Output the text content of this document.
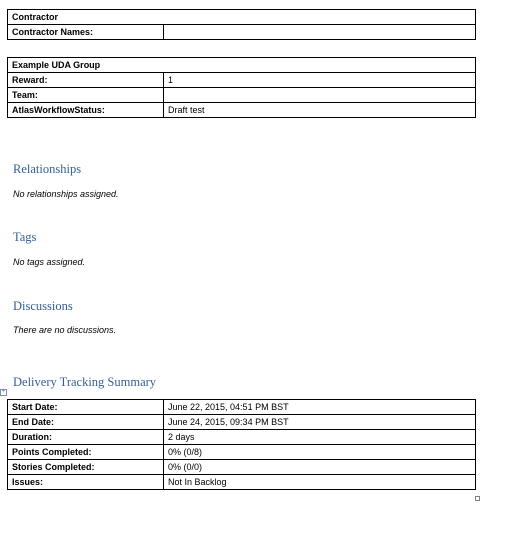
Contractor
Contractor Names:	
Example UDA Group	
Reward:	1
Team:	
AtlasWorkflowStatus:	Draft test
Relationships

No relationships assigned.

Tags

No tags assigned.

Discussions

There are no discussions.

Delivery Tracking Summary
+
Start Date:	June 22, 2015, 04:51 PM BST
End Date:	June 24, 2015, 09:34 PM BST
Duration:	2 days
Points Completed:	0% (0/8)
Stories Completed:	0% (0/0)
Issues:	Not In Backlog
